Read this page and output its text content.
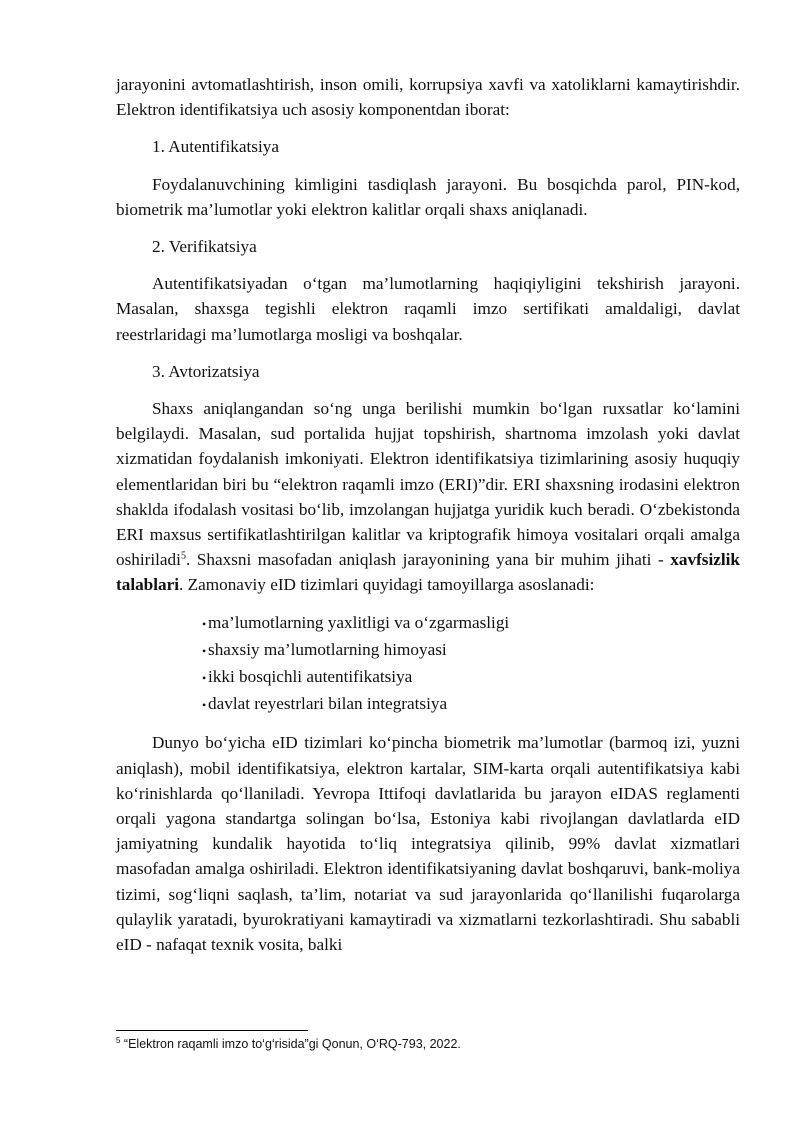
jarayonini avtomatlashtirish, inson omili, korrupsiya xavfi va xatoliklarni kamaytirishdir. Elektron identifikatsiya uch asosiy komponentdan iborat:

1. Autentifikatsiya

Foydalanuvchining kimligini tasdiqlash jarayoni. Bu bosqichda parol, PIN-kod, biometrik ma’lumotlar yoki elektron kalitlar orqali shaxs aniqlanadi.

2. Verifikatsiya

Autentifikatsiyadan o‘tgan ma’lumotlarning haqiqiyligini tekshirish jarayoni. Masalan, shaxsga tegishli elektron raqamli imzo sertifikati amaldaligi, davlat reestrlaridagi ma’lumotlarga mosligi va boshqalar.

3. Avtorizatsiya

Shaxs aniqlangandan so‘ng unga berilishi mumkin bo‘lgan ruxsatlar ko‘lamini belgilaydi. Masalan, sud portalida hujjat topshirish, shartnoma imzolash yoki davlat xizmatidan foydalanish imkoniyati. Elektron identifikatsiya tizimlarining asosiy huquqiy elementlaridan biri bu “elektron raqamli imzo (ERI)”dir. ERI shaxsning irodasini elektron shaklda ifodalash vositasi bo‘lib, imzolangan hujjatga yuridik kuch beradi. O‘zbekistonda ERI maxsus sertifikatlashtirilgan kalitlar va kriptografik himoya vositalari orqali amalga oshiriladi$^5$. Shaxsni masofadan aniqlash jarayonining yana bir muhim jihati - xavfsizlik talablari. Zamonaviy eID tizimlari quyidagi tamoyillarga asoslanadi:

• ma’lumotlarning yaxlitligi va o‘zgarmasligi
• shaxsiy ma’lumotlarning himoyasi
• ikki bosqichli autentifikatsiya
• davlat reyestrlari bilan integratsiya

Dunyo bo‘yicha eID tizimlari ko‘pincha biometrik ma’lumotlar (barmoq izi, yuzni aniqlash), mobil identifikatsiya, elektron kartalar, SIM-karta orqali autentifikatsiya kabi ko‘rinishlarda qo‘llaniladi. Yevropa Ittifoqi davlatlarida bu jarayon eIDAS reglamenti orqali yagona standartga solingan bo‘lsa, Estoniya kabi rivojlangan davlatlarda eID jamiyatning kundalik hayotida to‘liq integratsiya qilinib, 99% davlat xizmatlari masofadan amalga oshiriladi. Elektron identifikatsiyaning davlat boshqaruvi, bank-moliya tizimi, sog‘liqni saqlash, ta’lim, notariat va sud jarayonlarida qo‘llanilishi fuqarolarga qulaylik yaratadi, byurokratiyani kamaytiradi va xizmatlarni tezkorlashtiradi. Shu sababli eID - nafaqat texnik vosita, balki

$^5$ “Elektron raqamli imzo to‘g‘risida”gi Qonun, O‘RQ-793, 2022.
